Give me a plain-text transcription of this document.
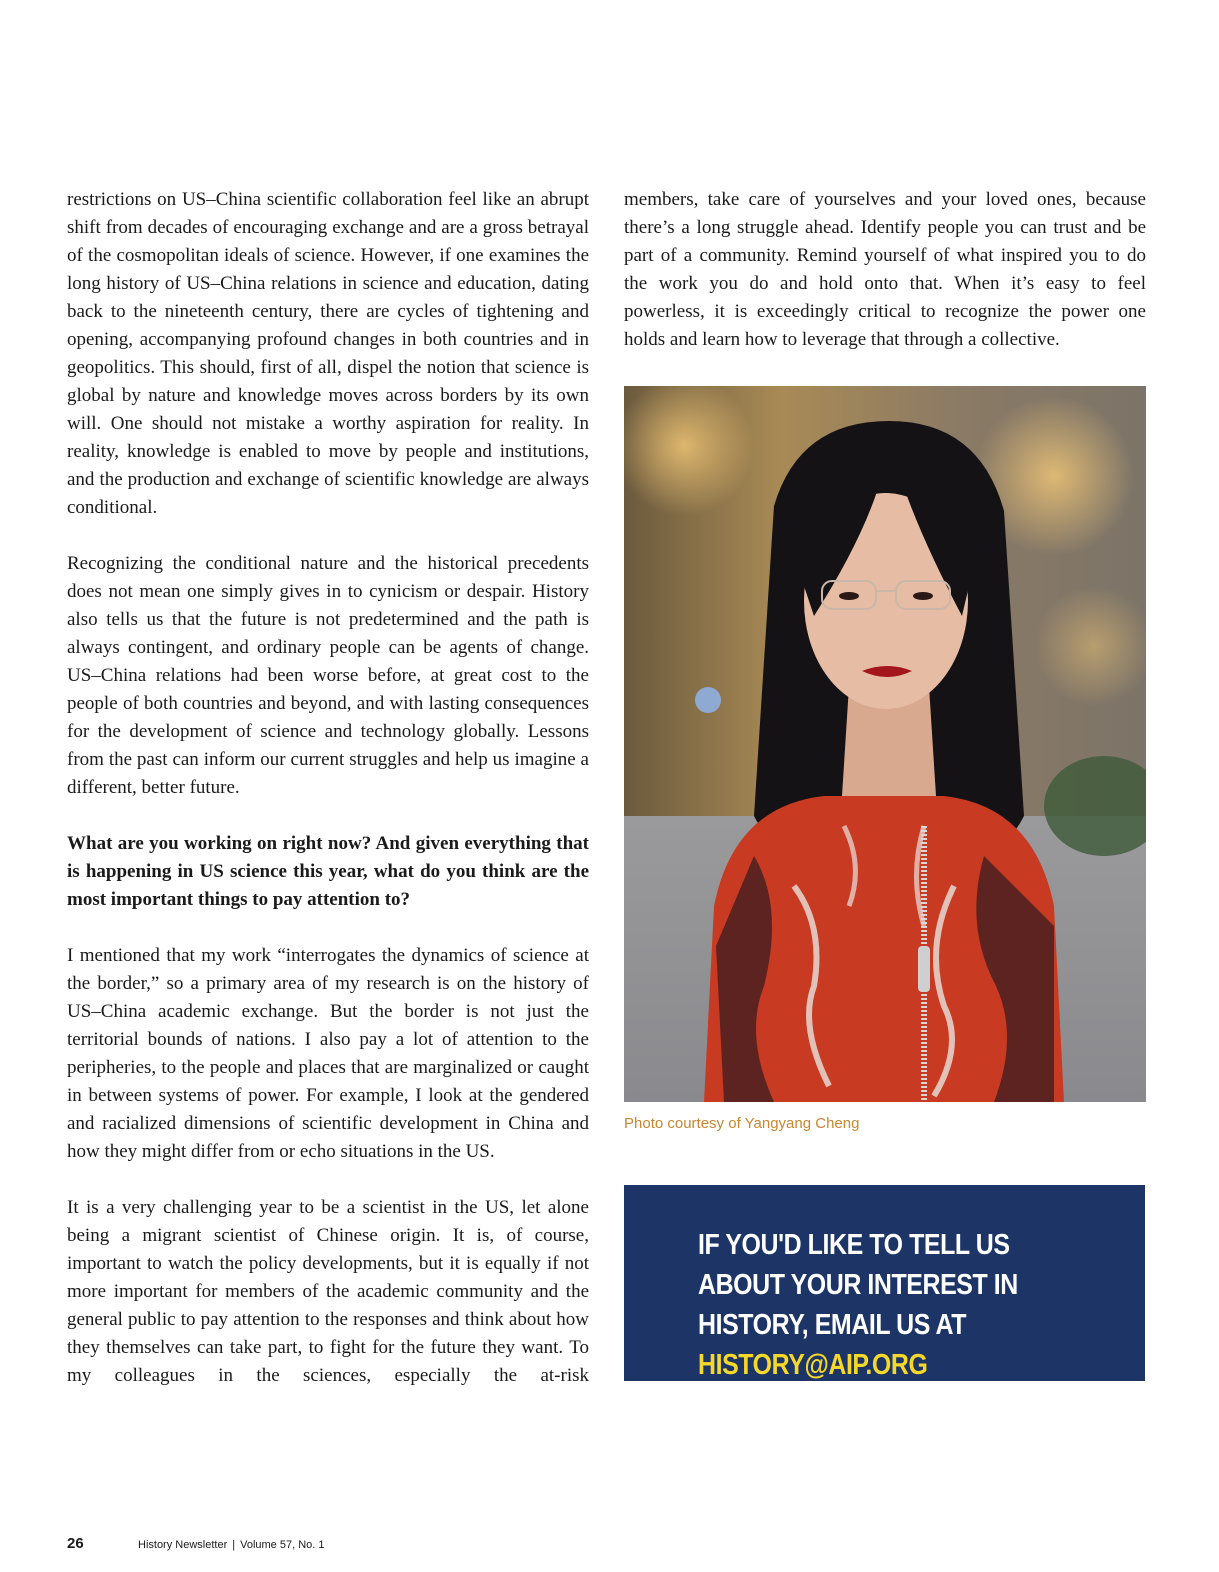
restrictions on US–China scientific collaboration feel like an abrupt shift from decades of encouraging exchange and are a gross betrayal of the cosmopolitan ideals of science. However, if one examines the long history of US–China relations in science and education, dating back to the nineteenth century, there are cycles of tightening and opening, accompanying profound changes in both countries and in geopolitics. This should, first of all, dispel the notion that science is global by nature and knowledge moves across borders by its own will. One should not mistake a worthy aspiration for reality. In reality, knowledge is enabled to move by people and institutions, and the production and exchange of scientific knowledge are always conditional.

Recognizing the conditional nature and the historical precedents does not mean one simply gives in to cynicism or despair. History also tells us that the future is not predetermined and the path is always contingent, and ordinary people can be agents of change. US–China relations had been worse before, at great cost to the people of both countries and beyond, and with lasting consequences for the development of science and technology globally. Lessons from the past can inform our current struggles and help us imagine a different, better future.

What are you working on right now? And given everything that is happening in US science this year, what do you think are the most important things to pay attention to?

I mentioned that my work “interrogates the dynamics of science at the border,” so a primary area of my research is on the history of US–China academic exchange. But the border is not just the territorial bounds of nations. I also pay a lot of attention to the peripheries, to the people and places that are marginalized or caught in between systems of power. For example, I look at the gendered and racialized dimensions of scientific development in China and how they might differ from or echo situations in the US.

It is a very challenging year to be a scientist in the US, let alone being a migrant scientist of Chinese origin. It is, of course, important to watch the policy developments, but it is equally if not more important for members of the academic community and the general public to pay attention to the responses and think about how they themselves can take part, to fight for the future they want. To my colleagues in the sciences, especially the at-risk

members, take care of yourselves and your loved ones, because there’s a long struggle ahead. Identify people you can trust and be part of a community. Remind yourself of what inspired you to do the work you do and hold onto that. When it’s easy to feel powerless, it is exceedingly critical to recognize the power one holds and learn how to leverage that through a collective.

Photo courtesy of Yangyang Cheng
IF YOU'D LIKE TO TELL US ABOUT YOUR INTEREST IN HISTORY, EMAIL US AT HISTORY@AIP.ORG
26	History Newsletter | Volume 57, No. 1
